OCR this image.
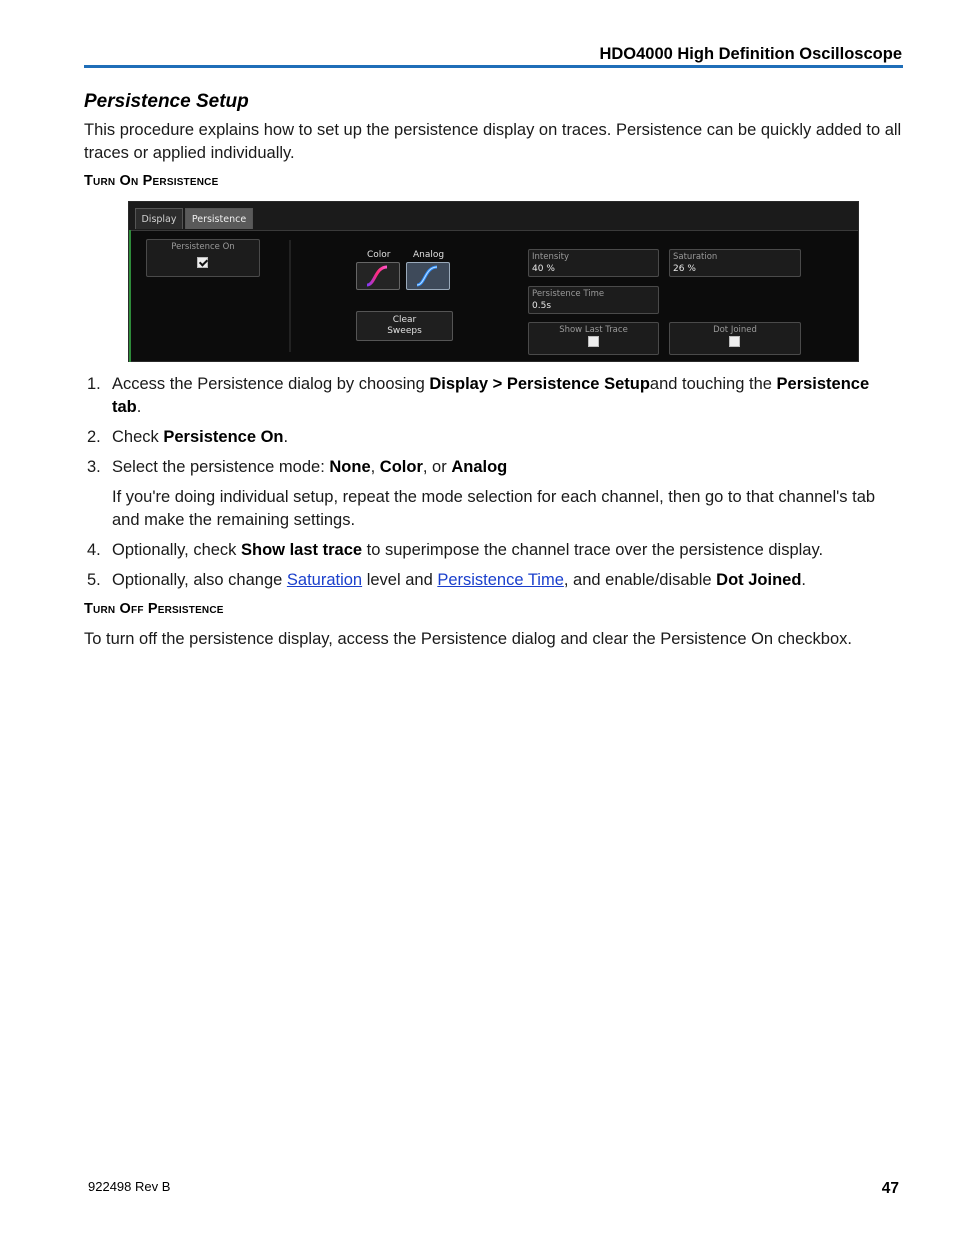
HDO4000 High Definition Oscilloscope
Persistence Setup
This procedure explains how to set up the persistence display on traces. Persistence can be quickly added to all traces or applied individually.
Turn On Persistence
Display	Persistence
Persistence On
Color	Analog
Clear
Sweeps
Intensity
40 %
Saturation
26 %
Persistence Time
0.5s
Show Last Trace	Dot Joined
1. Access the Persistence dialog by choosing Display > Persistence Setupand touching the Persistence tab.
2. Check Persistence On.
3. Select the persistence mode: None, Color, or Analog
If you're doing individual setup, repeat the mode selection for each channel, then go to that channel's tab and make the remaining settings.
4. Optionally, check Show last trace to superimpose the channel trace over the persistence display.
5. Optionally, also change Saturation level and Persistence Time, and enable/disable Dot Joined.
Turn Off Persistence
To turn off the persistence display, access the Persistence dialog and clear the Persistence On checkbox.
922498 Rev B	47
